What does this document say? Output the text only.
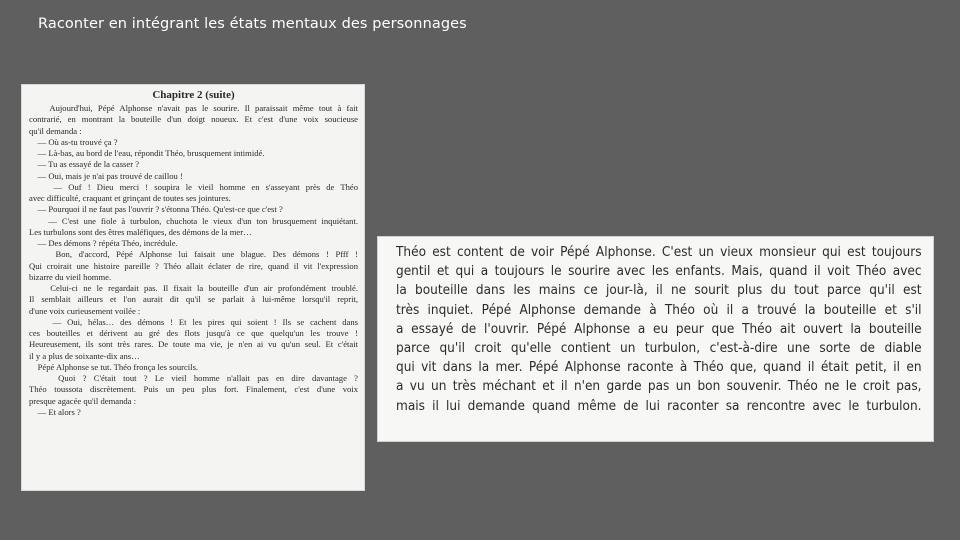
Raconter en intégrant les états mentaux des personnages
Chapitre 2 (suite)
Aujourd'hui, Pépé Alphonse n'avait pas le sourire. Il paraissait même tout à fait
contrarié, en montrant la bouteille d'un doigt noueux. Et c'est d'une voix soucieuse
qu'il demanda :
— Où as-tu trouvé ça ?
— Là-bas, au bord de l'eau, répondit Théo, brusquement intimidé.
— Tu as essayé de la casser ?
— Oui, mais je n'ai pas trouvé de caillou !
— Ouf ! Dieu merci ! soupira le vieil homme en s'asseyant près de Théo
avec difficulté, craquant et grinçant de toutes ses jointures.
— Pourquoi il ne faut pas l'ouvrir ? s'étonna Théo. Qu'est-ce que c'est ?
— C'est une fiole à turbulon, chuchota le vieux d'un ton brusquement inquiétant.
Les turbulons sont des êtres maléfiques, des démons de la mer…
— Des démons ? répéta Théo, incrédule.
Bon, d'accord, Pépé Alphonse lui faisait une blague. Des démons ! Pfff !
Qui croirait une histoire pareille ? Théo allait éclater de rire, quand il vit l'expression
bizarre du vieil homme.
Celui-ci ne le regardait pas. Il fixait la bouteille d'un air profondément troublé.
Il semblait ailleurs et l'on aurait dit qu'il se parlait à lui-même lorsqu'il reprit,
d'une voix curieusement voilée :
— Oui, hélas… des démons ! Et les pires qui soient ! Ils se cachent dans
ces bouteilles et dérivent au gré des flots jusqu'à ce que quelqu'un les trouve !
Heureusement, ils sont très rares. De toute ma vie, je n'en ai vu qu'un seul. Et c'était
il y a plus de soixante-dix ans…
Pépé Alphonse se tut. Théo fronça les sourcils.
Quoi ? C'était tout ? Le vieil homme n'allait pas en dire davantage ?
Théo toussota discrètement. Puis un peu plus fort. Finalement, c'est d'une voix
presque agacée qu'il demanda :
— Et alors ?
Théo est content de voir Pépé Alphonse. C'est un vieux monsieur qui est toujours
gentil et qui a toujours le sourire avec les enfants. Mais, quand il voit Théo avec
la bouteille dans les mains ce jour-là, il ne sourit plus du tout parce qu'il est
très inquiet. Pépé Alphonse demande à Théo où il a trouvé la bouteille et s'il
a essayé de l'ouvrir. Pépé Alphonse a eu peur que Théo ait ouvert la bouteille
parce qu'il croit qu'elle contient un turbulon, c'est-à-dire une sorte de diable
qui vit dans la mer. Pépé Alphonse raconte à Théo que, quand il était petit, il en
a vu un très méchant et il n'en garde pas un bon souvenir. Théo ne le croit pas,
mais il lui demande quand même de lui raconter sa rencontre avec le turbulon.
